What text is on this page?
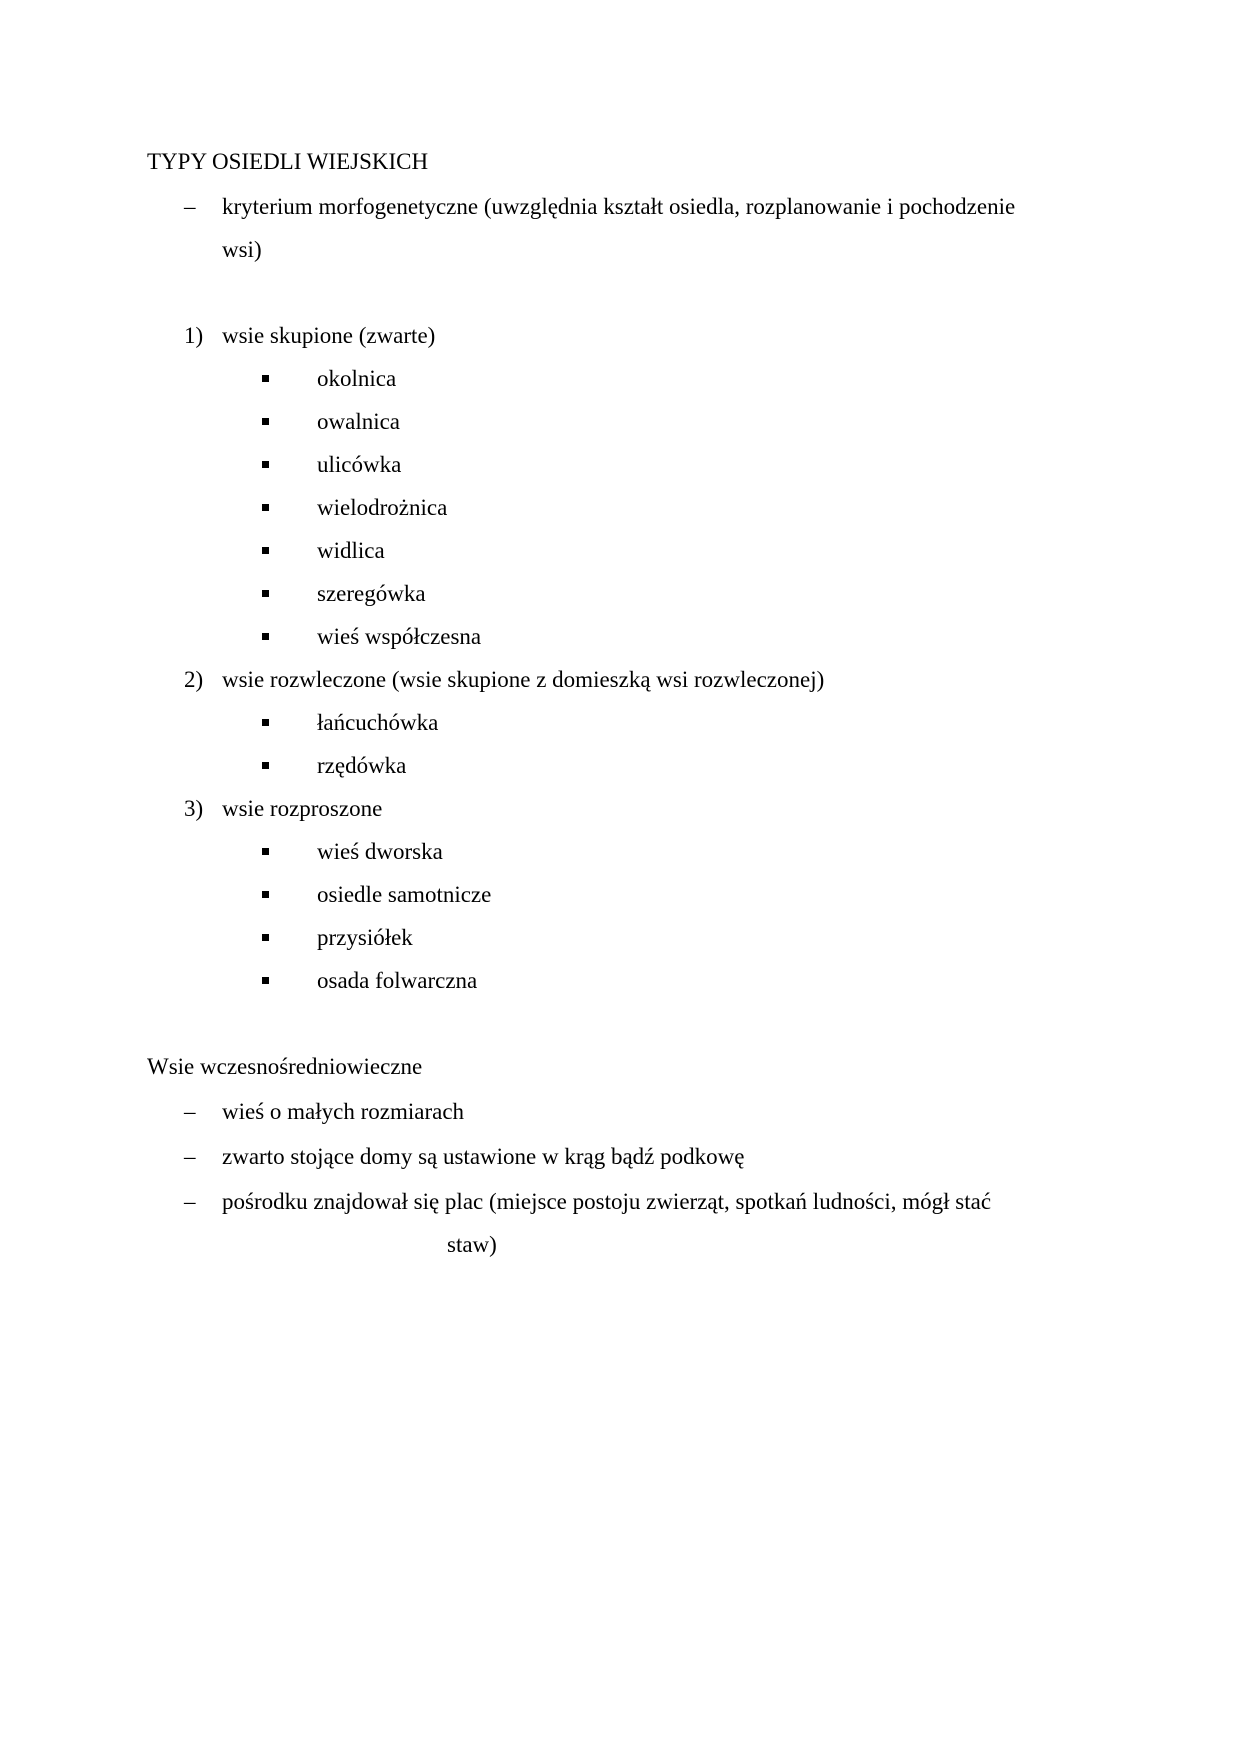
TYPY OSIEDLI WIEJSKICH
– kryterium morfogenetyczne (uwzględnia kształt osiedla, rozplanowanie i pochodzenie
wsi)
1) wsie skupione (zwarte)
okolnica
owalnica
ulicówka
wielodrożnica
widlica
szeregówka
wieś współczesna
2) wsie rozwleczone (wsie skupione z domieszką wsi rozwleczonej)
łańcuchówka
rzędówka
3) wsie rozproszone
wieś dworska
osiedle samotnicze
przysiółek
osada folwarczna
Wsie wczesnośredniowieczne
– wieś o małych rozmiarach
– zwarto stojące domy są ustawione w krąg bądź podkowę
– pośrodku znajdował się plac (miejsce postoju zwierząt, spotkań ludności, mógł stać
staw)
